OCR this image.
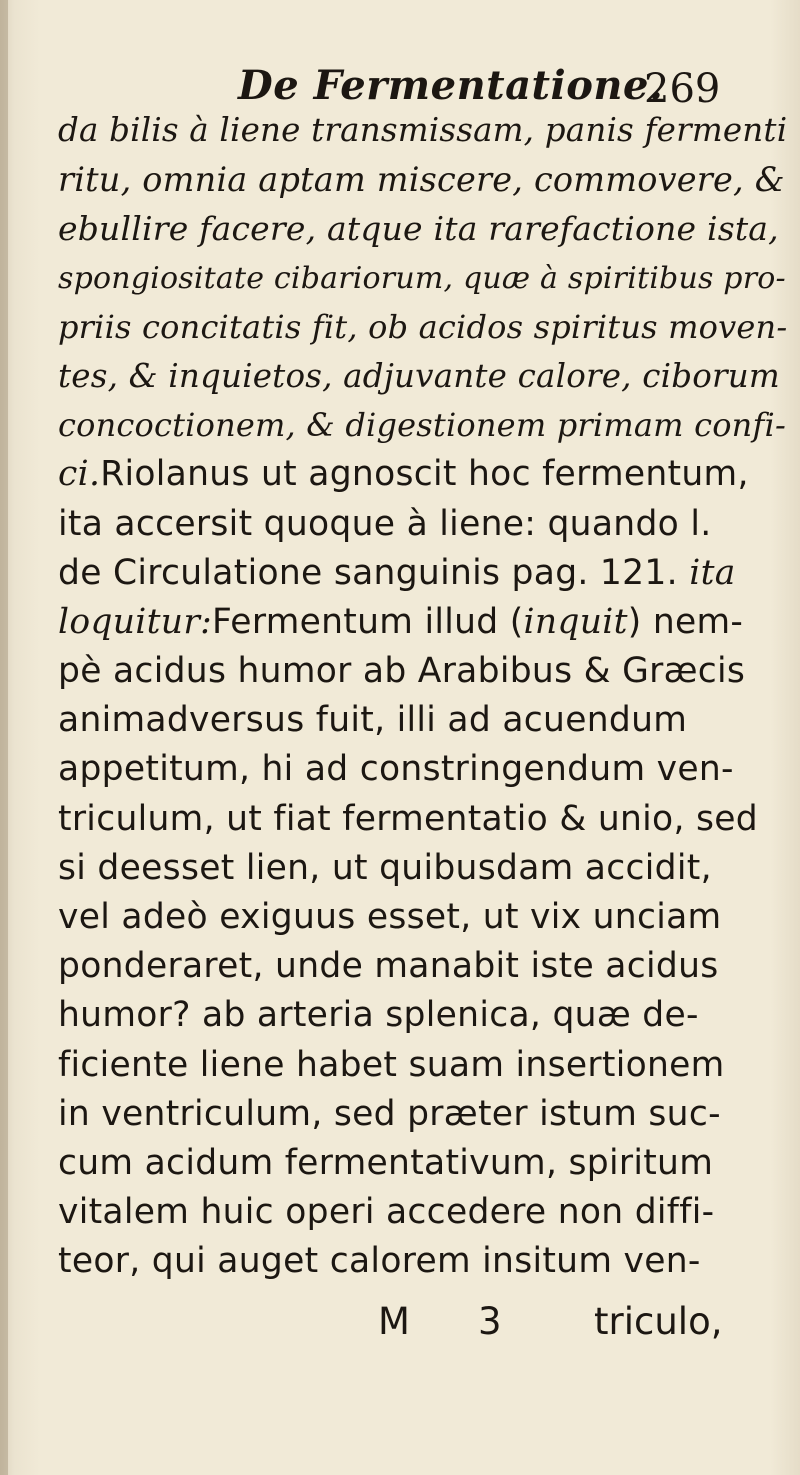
De Fermentatione.
269
da bilis à liene transmissam, panis fermenti
ritu, omnia aptam miscere, commovere, &
ebullire facere, atque ita rarefactione ista,
spongiositate cibariorum, quæ à spiritibus pro-
priis concitatis fit, ob acidos spiritus moven-
tes, & inquietos, adjuvante calore, ciborum
concoctionem, & digestionem primam confi-
ci.Riolanus ut agnoscit hoc fermentum,
ita accersit quoque à liene: quando l.
de Circulatione sanguinis pag. 121. ita
loquitur:Fermentum illud (inquit) nem-
pè acidus humor ab Arabibus & Græcis
animadversus fuit, illi ad acuendum
appetitum, hi ad constringendum ven-
triculum, ut fiat fermentatio & unio, sed
si deesset lien, ut quibusdam accidit,
vel adeò exiguus esset, ut vix unciam
ponderaret, unde manabit iste acidus
humor? ab arteria splenica, quæ de-
ficiente liene habet suam insertionem
in ventriculum, sed præter istum suc-
cum acidum fermentativum, spiritum
vitalem huic operi accedere non diffi-
teor, qui auget calorem insitum ven-
M 3 triculo,
